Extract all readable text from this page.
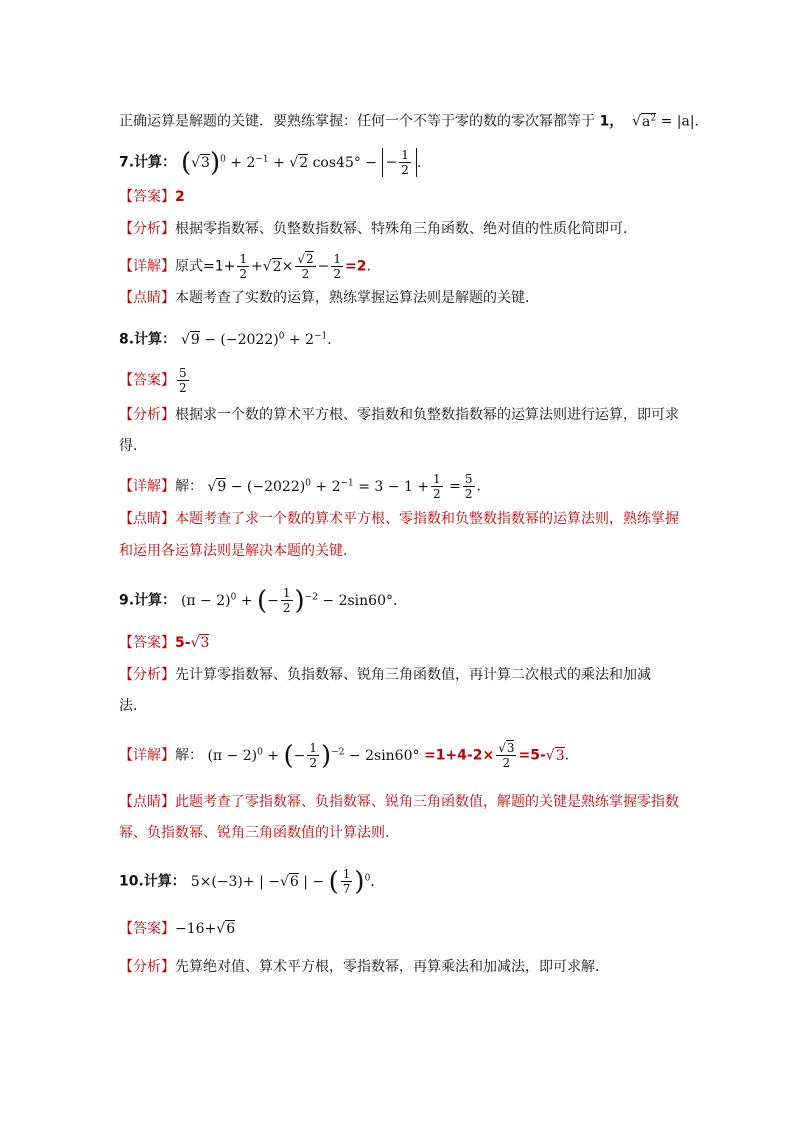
正确运算是解题的关键．要熟练掌握：任何一个不等于零的数的零次幂都等于 1，  $√a^2 = |a|$．
7.计算： $(√3)^0 + 2^{-1} + √2$ cos45° − − $\frac{1}{2}$ .
【答案】2
【分析】根据零指数幂、负整数指数幂、特殊角三角函数、绝对值的性质化简即可．
【详解】原式$=1+ \frac{1}{2} +√2\times \frac{√2}{2} - \frac{1}{2} =2$.
【点睛】本题考查了实数的运算，熟练掌握运算法则是解题的关键．
8.计算： $√9 - (-2022)^0 + 2^{-1}$．
【答案】 $\frac{5}{2}$
【分析】根据求一个数的算术平方根、零指数和负整数指数幂的运算法则进行运算，即可求
得．
【详解】解： $√9 - (-2022)^0 + 2^{-1} = 3 - 1 + \frac{1}{2} = \frac{5}{2}$ ．
【点睛】本题考查了求一个数的算术平方根、零指数和负整数指数幂的运算法则，熟练掌握
和运用各运算法则是解决本题的关键．
9.计算： $(\pi - 2)^0$ + (− $\frac{1}{2} )^{-2} - 2\sin 60^\circ$．
【答案】5-√3
【分析】先计算零指数幂、负指数幂、锐角三角函数值，再计算二次根式的乘法和加减
法．
【详解】解： $(\pi - 2)^0$ + (− $\frac{1}{2} )^{-2} - 2\sin 60^\circ =1+4-2\times \frac{√3}{2} =5-√3$．
【点睛】此题考查了零指数幂、负指数幂、锐角三角函数值，解题的关键是熟练掌握零指数
幂、负指数幂、锐角三角函数值的计算法则．
10.计算： 5×(−3)+ | −√6 | − ( $\frac{1}{7} )^0$．
【答案】−16+√6
【分析】先算绝对值、算术平方根，零指数幂，再算乘法和加减法，即可求解．
